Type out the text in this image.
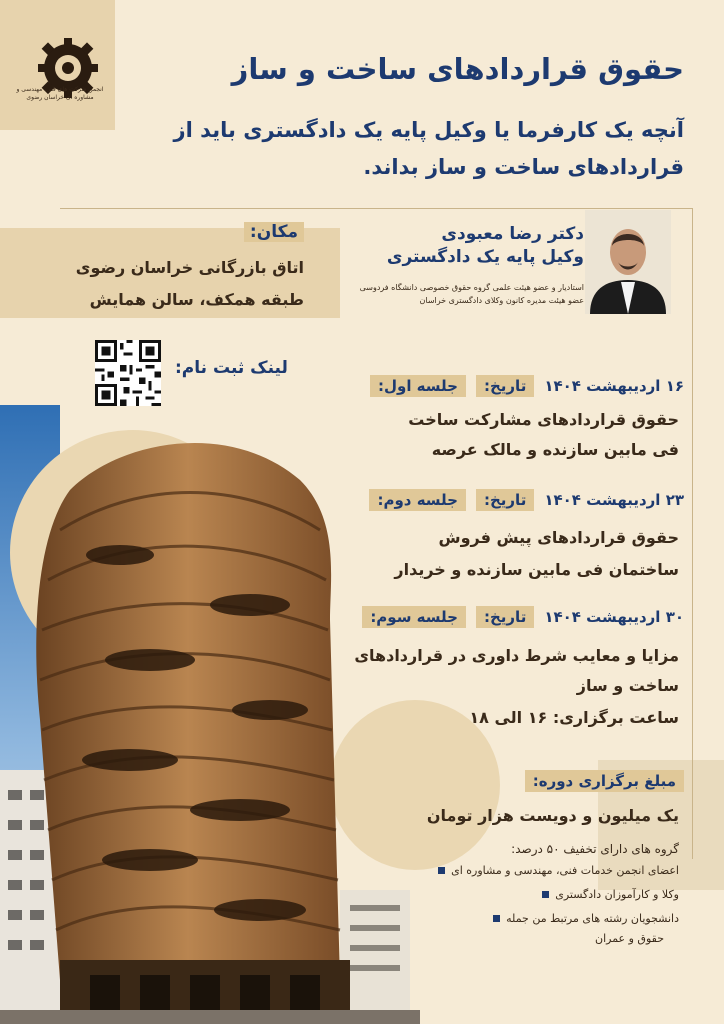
انجمن شرکت های فنی، مهندسی و مشاوره ای خراسان رضوی
حقوق قراردادهای ساخت و ساز
آنچه یک کارفرما یا وکیل پایه یک دادگستری باید از
قراردادهای ساخت و ساز بداند.
دکتر رضا معبودی
وکیل پایه یک دادگستری
استادیار و عضو هیئت علمی گروه حقوق خصوصی دانشگاه فردوسی
عضو هیئت مدیره کانون وکلای دادگستری خراسان
مکان:
اتاق بازرگانی خراسان رضوی
طبقه همکف، سالن همایش
لینک ثبت نام:
جلسه اول:	تاریخ:	۱۶ اردیبهشت ۱۴۰۴
حقوق قراردادهای مشارکت ساخت
فی مابین سازنده و مالک عرصه
جلسه دوم:	تاریخ:	۲۳ اردیبهشت ۱۴۰۴
حقوق قراردادهای پیش فروش
ساختمان فی مابین سازنده و خریدار
جلسه سوم:	تاریخ:	۳۰ اردیبهشت ۱۴۰۴
مزایا و معایب شرط داوری در قراردادهای
ساخت و ساز
ساعت برگزاری: ۱۶ الی ۱۸
مبلغ برگزاری دوره:
یک میلیون و دویست هزار تومان
گروه های دارای تخفیف ۵۰ درصد:
اعضای انجمن خدمات فنی، مهندسی و مشاوره ای
وکلا و کارآموزان دادگستری
دانشجویان رشته های مرتبط من جمله
حقوق و عمران
